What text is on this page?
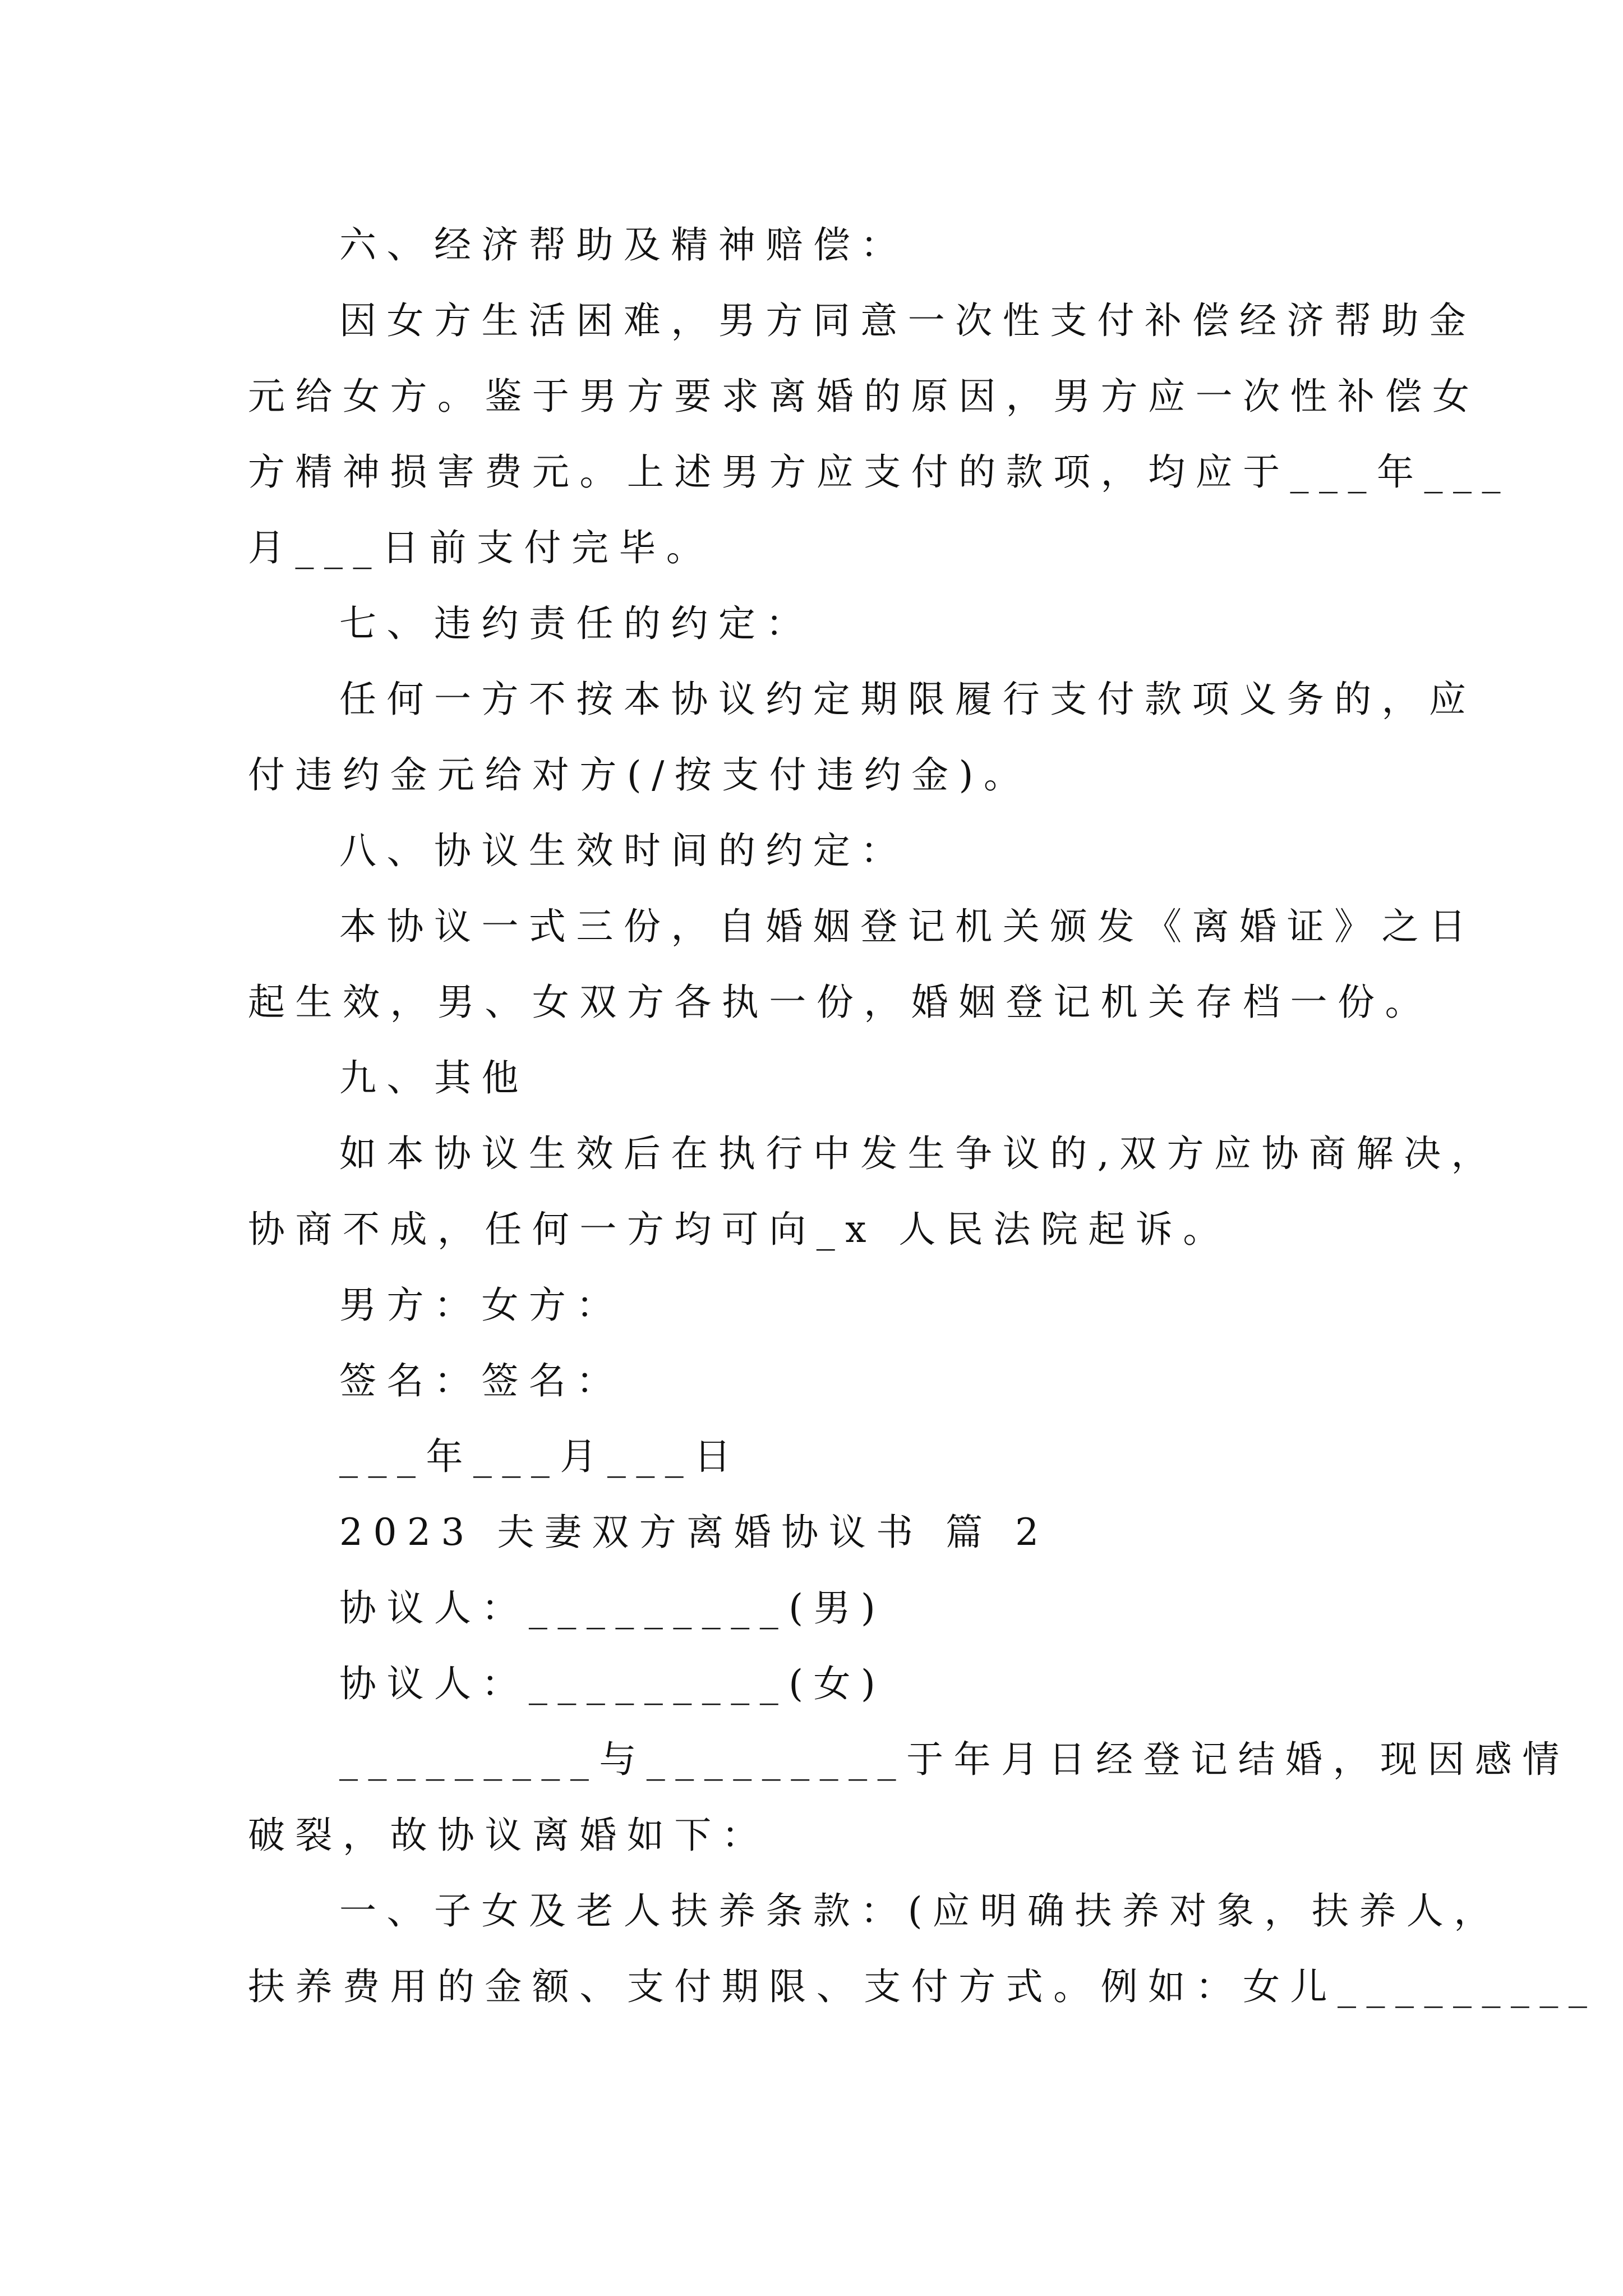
六、经济帮助及精神赔偿：
因女方生活困难，男方同意一次性支付补偿经济帮助金
元给女方。鉴于男方要求离婚的原因，男方应一次性补偿女
方精神损害费元。上述男方应支付的款项，均应于___年___
月___日前支付完毕。
七、违约责任的约定：
任何一方不按本协议约定期限履行支付款项义务的，应
付违约金元给对方(/按支付违约金)。
八、协议生效时间的约定：
本协议一式三份，自婚姻登记机关颁发《离婚证》之日
起生效，男、女双方各执一份，婚姻登记机关存档一份。
九、其他
如本协议生效后在执行中发生争议的,双方应协商解决，
协商不成，任何一方均可向_x 人民法院起诉。
男方：女方：
签名：签名：
___年___月___日
2023 夫妻双方离婚协议书 篇 2
协议人：_________(男)
协议人：_________(女)
_________与_________于年月日经登记结婚，现因感情
破裂，故协议离婚如下：
一、子女及老人扶养条款：(应明确扶养对象，扶养人，
扶养费用的金额、支付期限、支付方式。例如：女儿_________
